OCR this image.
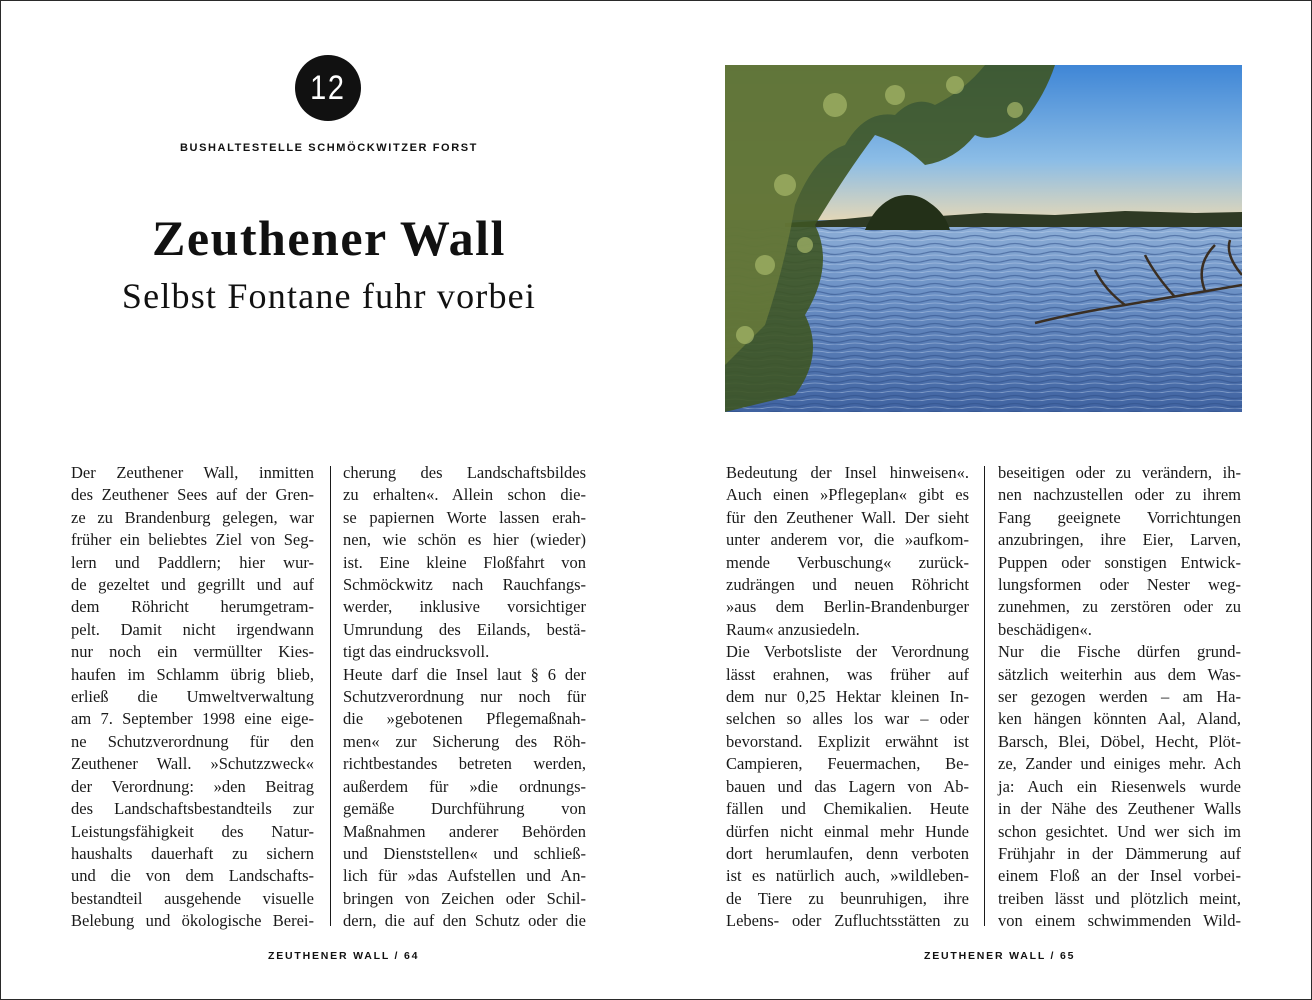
12
BUSHALTESTELLE SCHMÖCKWITZER FORST
Zeuthener Wall
Selbst Fontane fuhr vorbei
Der Zeuthener Wall, inmitten
des Zeuthener Sees auf der Gren-
ze zu Brandenburg gelegen, war
früher ein beliebtes Ziel von Seg-
lern und Paddlern; hier wur-
de gezeltet und gegrillt und auf
dem Röhricht herumgetram-
pelt. Damit nicht irgendwann
nur noch ein vermüllter Kies-
haufen im Schlamm übrig blieb,
erließ die Umweltverwaltung
am 7. September 1998 eine eige-
ne Schutzverordnung für den
Zeuthener Wall. »Schutzzweck«
der Verordnung: »den Beitrag
des Landschaftsbestandteils zur
Leistungsfähigkeit des Natur-
haushalts dauerhaft zu sichern
und die von dem Landschafts-
bestandteil ausgehende visuelle
Belebung und ökologische Berei-
cherung des Landschaftsbildes
zu erhalten«. Allein schon die-
se papiernen Worte lassen erah-
nen, wie schön es hier (wieder)
ist. Eine kleine Floßfahrt von
Schmöckwitz nach Rauchfangs-
werder, inklusive vorsichtiger
Umrundung des Eilands, bestä-
tigt das eindrucksvoll.
Heute darf die Insel laut § 6 der
Schutzverordnung nur noch für
die »gebotenen Pflegemaßnah-
men« zur Sicherung des Röh-
richtbestandes betreten werden,
außerdem für »die ordnungs-
gemäße Durchführung von
Maßnahmen anderer Behörden
und Dienststellen« und schließ-
lich für »das Aufstellen und An-
bringen von Zeichen oder Schil-
dern, die auf den Schutz oder die
ZEUTHENER WALL / 64
Bedeutung der Insel hinweisen«.
Auch einen »Pflegeplan« gibt es
für den Zeuthener Wall. Der sieht
unter anderem vor, die »aufkom-
mende Verbuschung« zurück-
zudrängen und neuen Röhricht
»aus dem Berlin-Brandenburger
Raum« anzusiedeln.
Die Verbotsliste der Verordnung
lässt erahnen, was früher auf
dem nur 0,25 Hektar kleinen In-
selchen so alles los war – oder
bevorstand. Explizit erwähnt ist
Campieren, Feuermachen, Be-
bauen und das Lagern von Ab-
fällen und Chemikalien. Heute
dürfen nicht einmal mehr Hunde
dort herumlaufen, denn verboten
ist es natürlich auch, »wildleben-
de Tiere zu beunruhigen, ihre
Lebens- oder Zufluchtsstätten zu
beseitigen oder zu verändern, ih-
nen nachzustellen oder zu ihrem
Fang geeignete Vorrichtungen
anzubringen, ihre Eier, Larven,
Puppen oder sonstigen Entwick-
lungsformen oder Nester weg-
zunehmen, zu zerstören oder zu
beschädigen«.
Nur die Fische dürfen grund-
sätzlich weiterhin aus dem Was-
ser gezogen werden – am Ha-
ken hängen könnten Aal, Aland,
Barsch, Blei, Döbel, Hecht, Plöt-
ze, Zander und einiges mehr. Ach
ja: Auch ein Riesenwels wurde
in der Nähe des Zeuthener Walls
schon gesichtet. Und wer sich im
Frühjahr in der Dämmerung auf
einem Floß an der Insel vorbei-
treiben lässt und plötzlich meint,
von einem schwimmenden Wild-
ZEUTHENER WALL / 65
